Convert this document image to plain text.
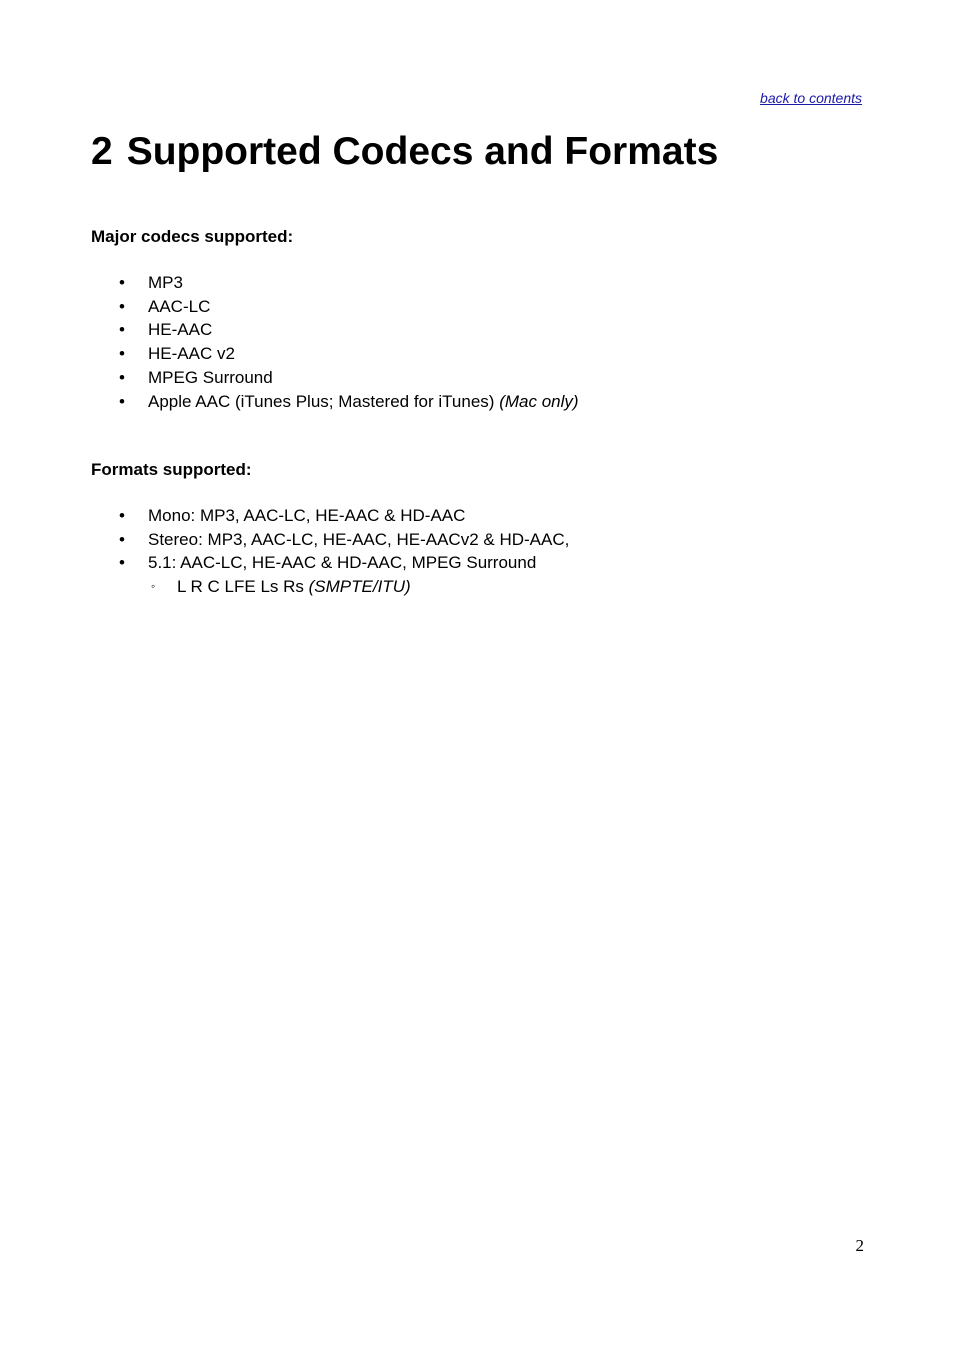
back to contents
2 Supported Codecs and Formats

Major codecs supported:

• MP3
• AAC-LC
• HE-AAC
• HE-AAC v2
• MPEG Surround
• Apple AAC (iTunes Plus; Mastered for iTunes) (Mac only)

Formats supported:

• Mono: MP3, AAC-LC, HE-AAC & HD-AAC
• Stereo: MP3, AAC-LC, HE-AAC, HE-AACv2 & HD-AAC,
• 5.1: AAC-LC, HE-AAC & HD-AAC, MPEG Surround
◦ L R C LFE Ls Rs (SMPTE/ITU)
2
